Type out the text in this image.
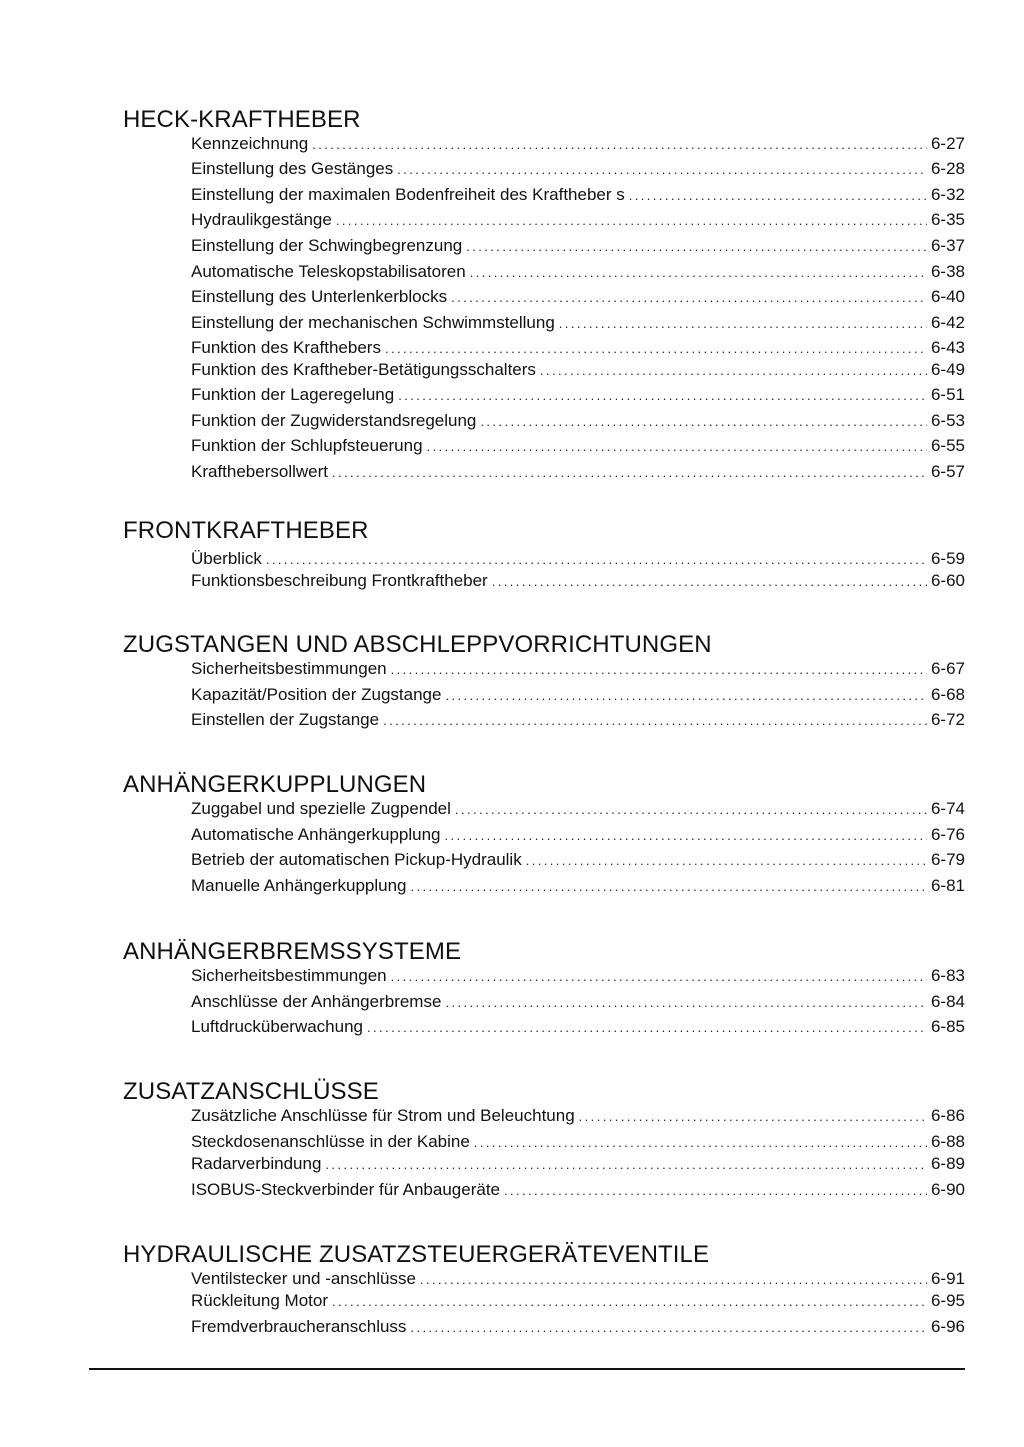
HECK-KRAFTHEBER
Kennzeichnung .....	6-27
Einstellung des Gestänges .....	6-28
Einstellung der maximalen Bodenfreiheit des Kraftheber s .....	6-32
Hydraulikgestänge .....	6-35
Einstellung der Schwingbegrenzung .....	6-37
Automatische Teleskopstabilisatoren .....	6-38
Einstellung des Unterlenkerblocks .....	6-40
Einstellung der mechanischen Schwimmstellung .....	6-42
Funktion des Krafthebers .....	6-43
Funktion des Kraftheber-Betätigungsschalters .....	6-49
Funktion der Lageregelung .....	6-51
Funktion der Zugwiderstandsregelung .....	6-53
Funktion der Schlupfsteuerung .....	6-55
Krafthebersollwert .....	6-57
FRONTKRAFTHEBER
Überblick .....	6-59
Funktionsbeschreibung Frontkraftheber .....	6-60
ZUGSTANGEN UND ABSCHLEPPVORRICHTUNGEN
Sicherheitsbestimmungen .....	6-67
Kapazität/Position der Zugstange .....	6-68
Einstellen der Zugstange .....	6-72
ANHÄNGERKUPPLUNGEN
Zuggabel und spezielle Zugpendel .....	6-74
Automatische Anhängerkupplung .....	6-76
Betrieb der automatischen Pickup-Hydraulik .....	6-79
Manuelle Anhängerkupplung .....	6-81
ANHÄNGERBREMSSYSTEME
Sicherheitsbestimmungen .....	6-83
Anschlüsse der Anhängerbremse .....	6-84
Luftdrucküberwachung .....	6-85
ZUSATZANSCHLÜSSE
Zusätzliche Anschlüsse für Strom und Beleuchtung .....	6-86
Steckdosenanschlüsse in der Kabine .....	6-88
Radarverbindung .....	6-89
ISOBUS-Steckverbinder für Anbaugeräte .....	6-90
HYDRAULISCHE ZUSATZSTEUERGERÄTEVENTILE
Ventilstecker und -anschlüsse .....	6-91
Rückleitung Motor .....	6-95
Fremdverbraucheranschluss .....	6-96
